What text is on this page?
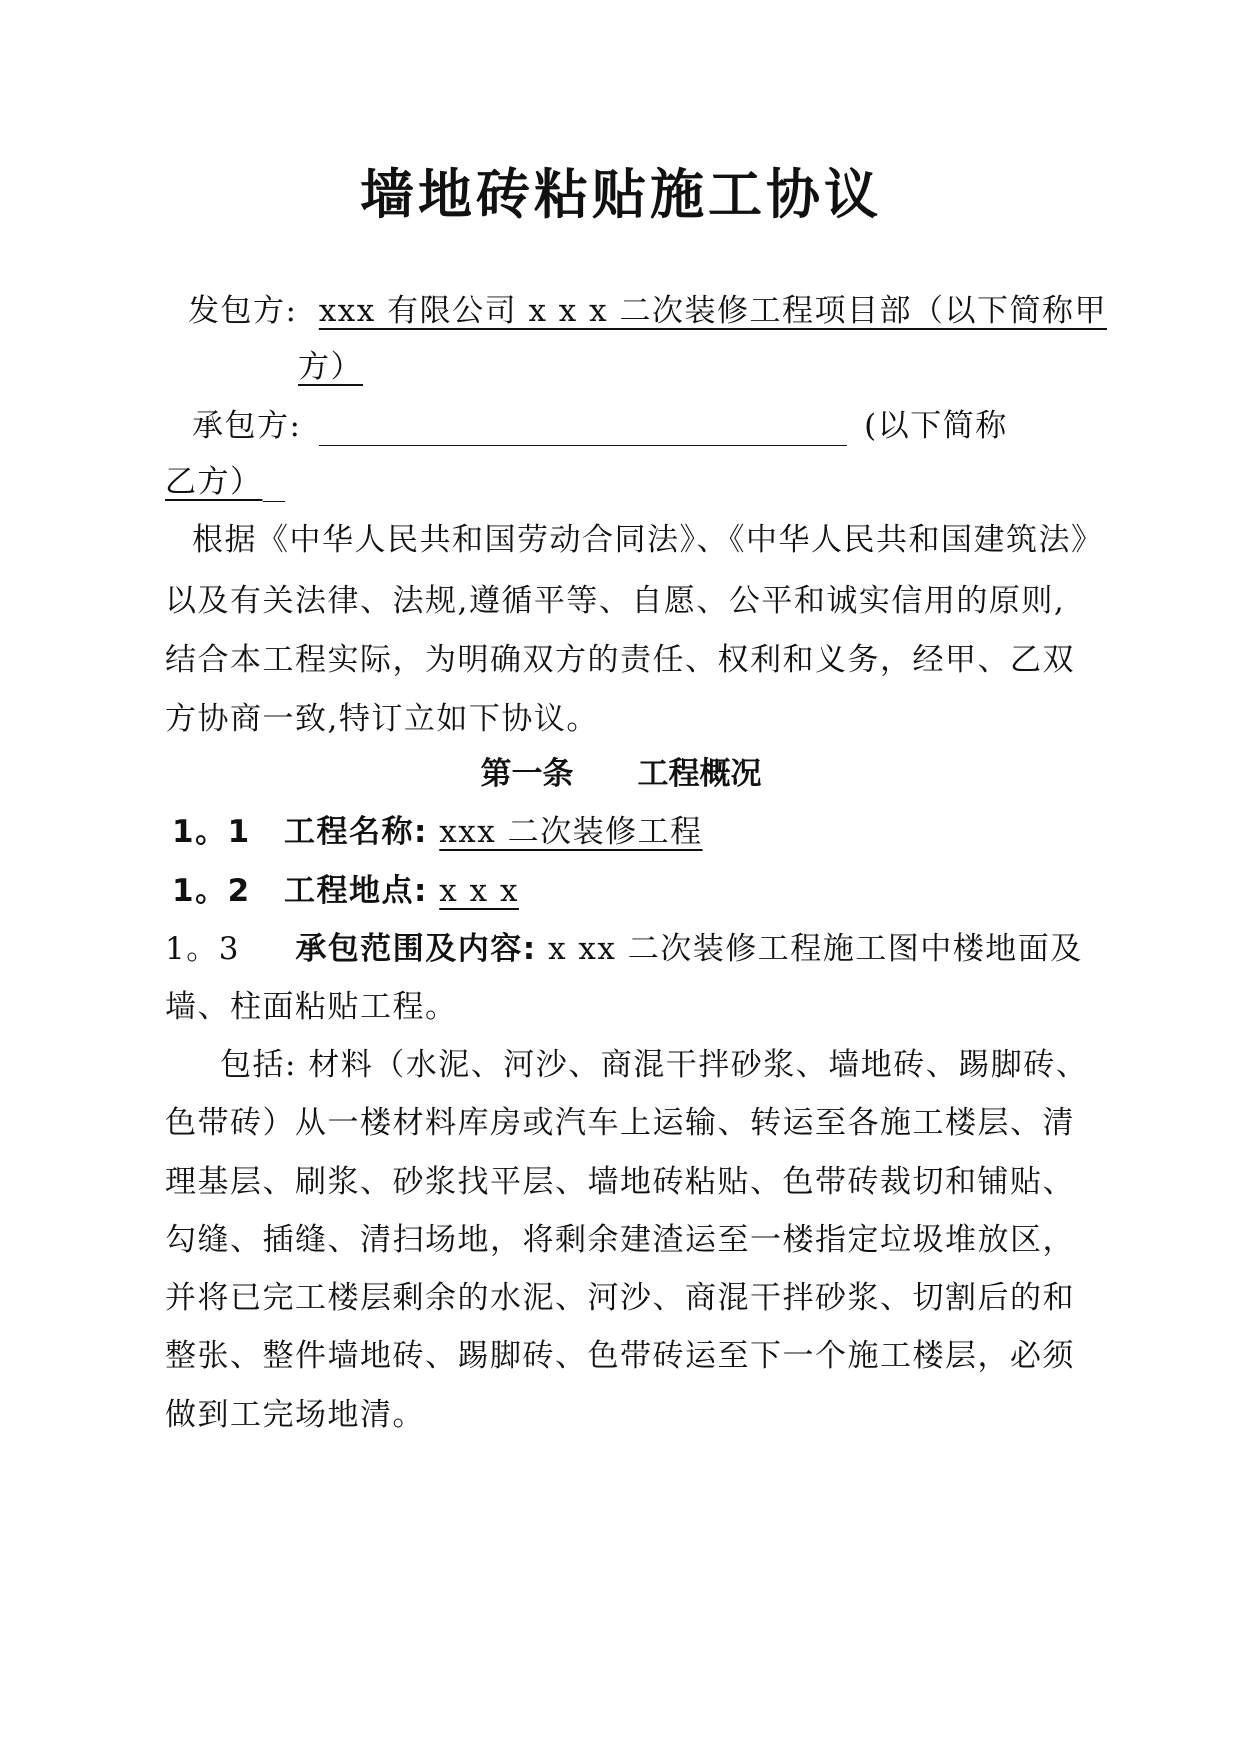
墙地砖粘贴施工协议
发包方: xxx 有限公司 x x x 二次装修工程项目部（以下简称甲
方）
承包方:	(以下简称
乙方）
根据《中华人民共和国劳动合同法》、《中华人民共和国建筑法》
以及有关法律、法规,遵循平等、自愿、公平和诚实信用的原则,
结合本工程实际，为明确双方的责任、权利和义务，经甲、乙双
方协商一致,特订立如下协议。
第一条 工程概况
1。1 工程名称: xxx 二次装修工程
1。2 工程地点: x x x
1。3 承包范围及内容: x xx 二次装修工程施工图中楼地面及
墙、柱面粘贴工程。
包括: 材料（水泥、河沙、商混干拌砂浆、墙地砖、踢脚砖、
色带砖）从一楼材料库房或汽车上运输、转运至各施工楼层、清
理基层、刷浆、砂浆找平层、墙地砖粘贴、色带砖裁切和铺贴、
勾缝、插缝、清扫场地，将剩余建渣运至一楼指定垃圾堆放区，
并将已完工楼层剩余的水泥、河沙、商混干拌砂浆、切割后的和
整张、整件墙地砖、踢脚砖、色带砖运至下一个施工楼层，必须
做到工完场地清。
